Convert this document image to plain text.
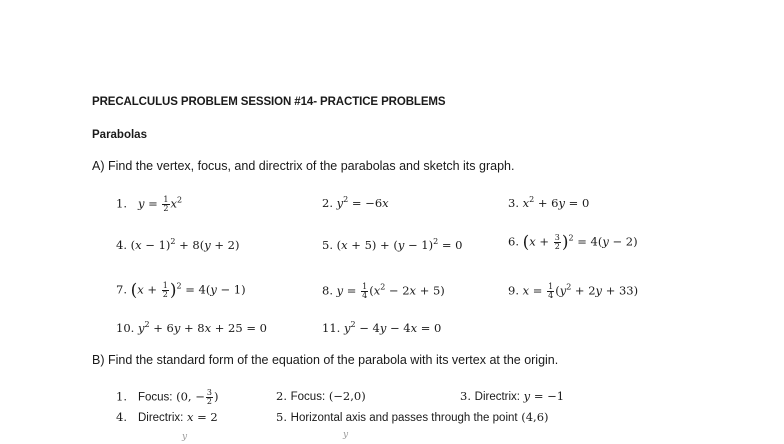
PRECALCULUS PROBLEM SESSION #14- PRACTICE PROBLEMS
Parabolas
A) Find the vertex, focus, and directrix of the parabolas and sketch its graph.
1. $y = \frac{1}{2} x^2$	2. $y^2 = -6x$	3. $x^2 + 6y = 0$
4. $(x - 1)^2 + 8(y + 2)$	5. $(x + 5) + (y - 1)^2 = 0$	6. $(x + \frac{3}{2} )^2 = 4(y - 2)$
7. $(x + \frac{1}{2} )^2 = 4(y - 1)$	8. $y = \frac{1}{4} (x^2 - 2x + 5)$	9. $x = \frac{1}{4} (y^2 + 2y + 33)$
10. $y^2 + 6y + 8x + 25 = 0$	11. $y^2 - 4y - 4x = 0$
B) Find the standard form of the equation of the parabola with its vertex at the origin.
1. Focus: (0, − $\frac{3}{2}$ )	2. Focus: (−2,0)	3. Directrix: y = −1
4. Directrix: x = 2	5. Horizontal axis and passes through the point (4,6)
y	y
